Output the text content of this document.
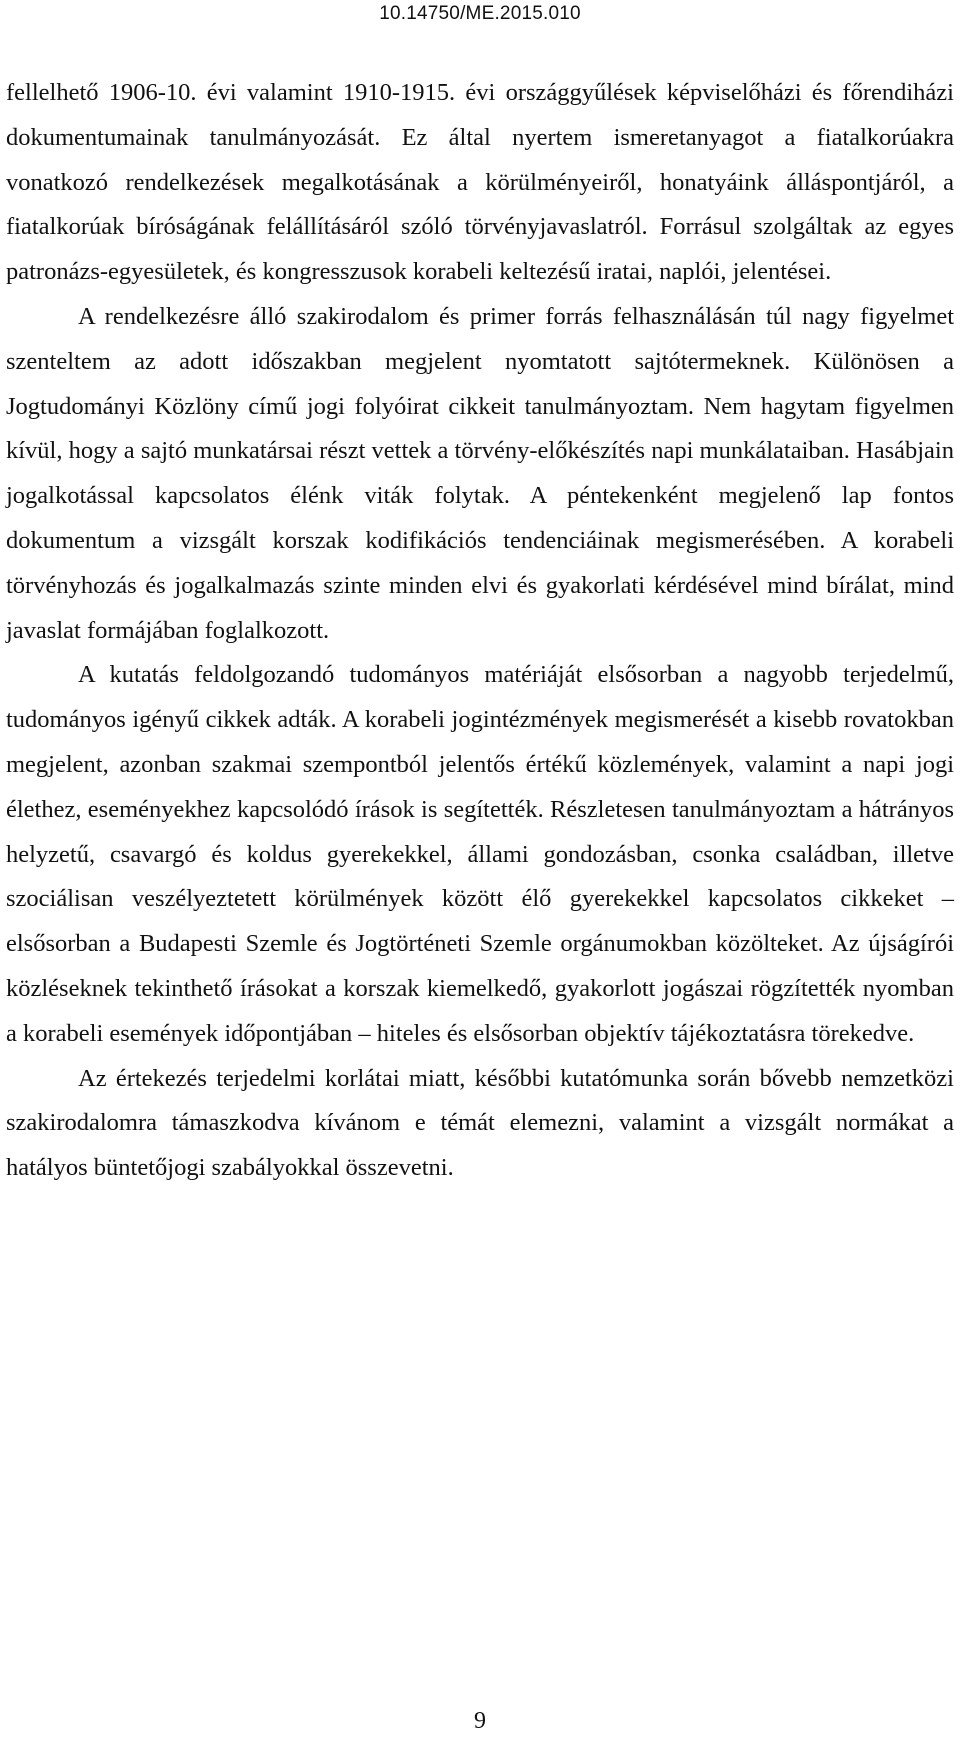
10.14750/ME.2015.010

fellelhető 1906-10. évi valamint 1910-1915. évi országgyűlések képviselőházi és főrendiházi dokumentumainak tanulmányozását. Ez által nyertem ismeretanyagot a fiatalkorúakra vonatkozó rendelkezések megalkotásának a körülményeiről, honatyáink álláspontjáról, a fiatalkorúak bíróságának felállításáról szóló törvényjavaslatról. Forrásul szolgáltak az egyes patronázs-egyesületek, és kongresszusok korabeli keltezésű iratai, naplói, jelentései.

A rendelkezésre álló szakirodalom és primer forrás felhasználásán túl nagy figyelmet szenteltem az adott időszakban megjelent nyomtatott sajtótermeknek. Különösen a Jogtudományi Közlöny című jogi folyóirat cikkeit tanulmányoztam. Nem hagytam figyelmen kívül, hogy a sajtó munkatársai részt vettek a törvény-előkészítés napi munkálataiban. Hasábjain jogalkotással kapcsolatos élénk viták folytak. A péntekenként megjelenő lap fontos dokumentum a vizsgált korszak kodifikációs tendenciáinak megismerésében. A korabeli törvényhozás és jogalkalmazás szinte minden elvi és gyakorlati kérdésével mind bírálat, mind javaslat formájában foglalkozott.

A kutatás feldolgozandó tudományos matériáját elsősorban a nagyobb terjedelmű, tudományos igényű cikkek adták. A korabeli jogintézmények megismerését a kisebb rovatokban megjelent, azonban szakmai szempontból jelentős értékű közlemények, valamint a napi jogi élethez, eseményekhez kapcsolódó írások is segítették. Részletesen tanulmányoztam a hátrányos helyzetű, csavargó és koldus gyerekekkel, állami gondozásban, csonka családban, illetve szociálisan veszélyeztetett körülmények között élő gyerekekkel kapcsolatos cikkeket – elsősorban a Budapesti Szemle és Jogtörténeti Szemle orgánumokban közölteket. Az újságírói közléseknek tekinthető írásokat a korszak kiemelkedő, gyakorlott jogászai rögzítették nyomban a korabeli események időpontjában – hiteles és elsősorban objektív tájékoztatásra törekedve.

Az értekezés terjedelmi korlátai miatt, későbbi kutatómunka során bővebb nemzetközi szakirodalomra támaszkodva kívánom e témát elemezni, valamint a vizsgált normákat a hatályos büntetőjogi szabályokkal összevetni.

9
